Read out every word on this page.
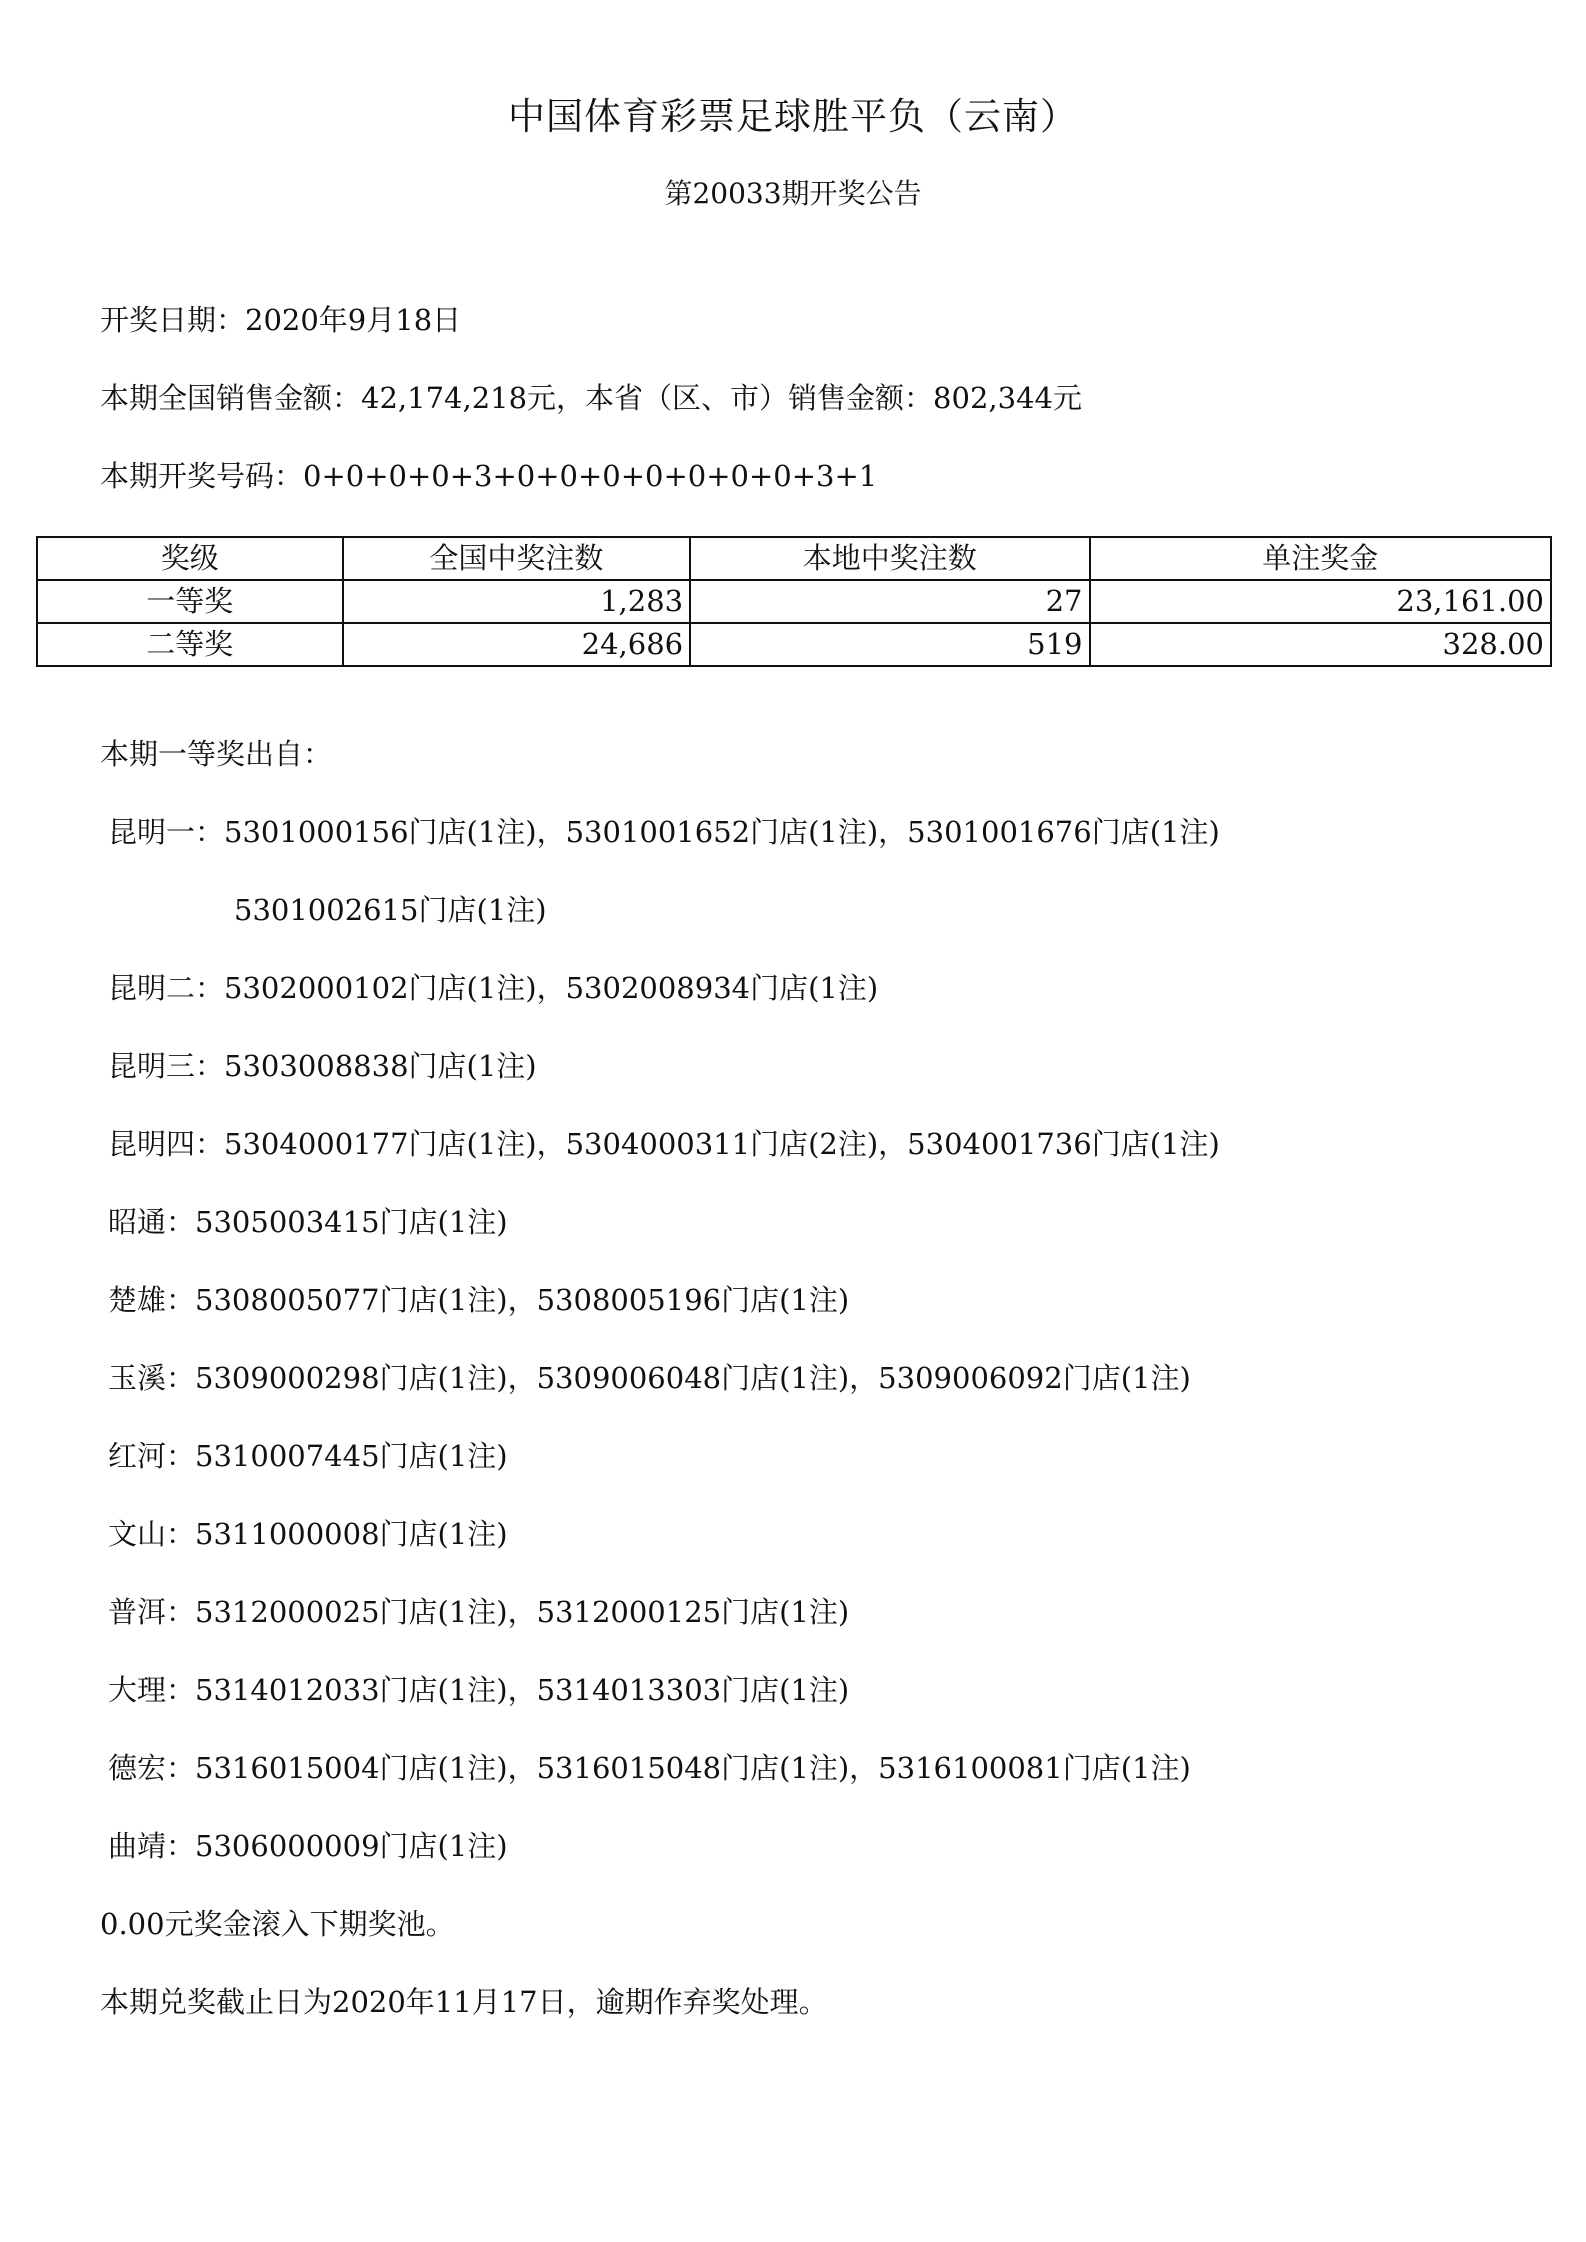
中国体育彩票足球胜平负（云南）
第20033期开奖公告
开奖日期：2020年9月18日
本期全国销售金额：42,174,218元，本省（区、市）销售金额：802,344元
本期开奖号码：0+0+0+0+3+0+0+0+0+0+0+0+3+1
奖级	全国中奖注数	本地中奖注数	单注奖金
一等奖	1,283	27	23,161.00
二等奖	24,686	519	328.00
本期一等奖出自：
昆明一：5301000156门店(1注)，5301001652门店(1注)，5301001676门店(1注)
5301002615门店(1注)
昆明二：5302000102门店(1注)，5302008934门店(1注)
昆明三：5303008838门店(1注)
昆明四：5304000177门店(1注)，5304000311门店(2注)，5304001736门店(1注)
昭通：5305003415门店(1注)
楚雄：5308005077门店(1注)，5308005196门店(1注)
玉溪：5309000298门店(1注)，5309006048门店(1注)，5309006092门店(1注)
红河：5310007445门店(1注)
文山：5311000008门店(1注)
普洱：5312000025门店(1注)，5312000125门店(1注)
大理：5314012033门店(1注)，5314013303门店(1注)
德宏：5316015004门店(1注)，5316015048门店(1注)，5316100081门店(1注)
曲靖：5306000009门店(1注)
0.00元奖金滚入下期奖池。
本期兑奖截止日为2020年11月17日，逾期作弃奖处理。
